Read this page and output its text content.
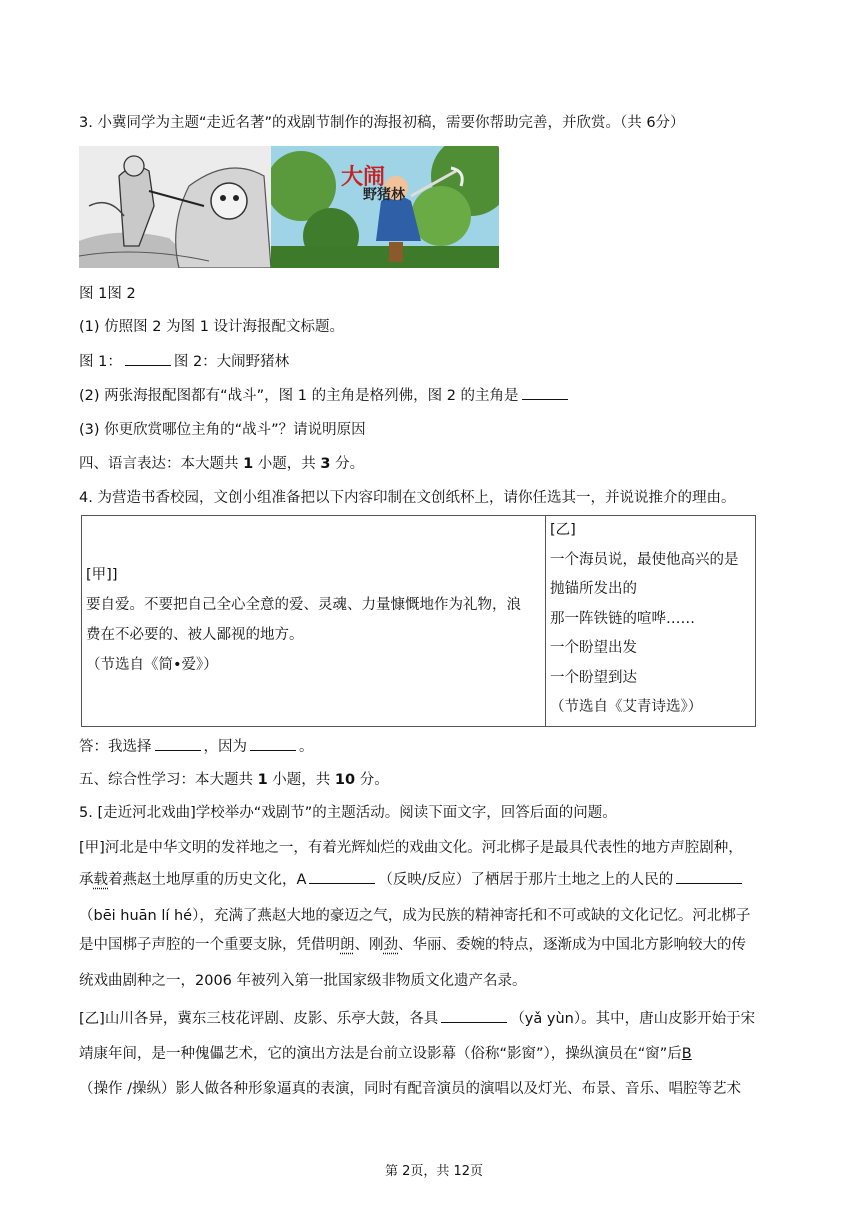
3. 小冀同学为主题“走近名著”的戏剧节制作的海报初稿，需要你帮助完善，并欣赏。（共 6分）
大闹
野猪林
图 1图 2
(1) 仿照图 2 为图 1 设计海报配文标题。
图 1：	图 2：大闹野猪林
(2) 两张海报配图都有“战斗”，图 1 的主角是格列佛，图 2 的主角是
(3) 你更欣赏哪位主角的“战斗”？请说明原因
四、语言表达：本大题共 1 小题，共 3 分。
4. 为营造书香校园，文创小组准备把以下内容印制在文创纸杯上，请你任选其一，并说说推介的理由。
[甲]]
要自爱。不要把自己全心全意的爱、灵魂、力量慷慨地作为礼物，浪
费在不必要的、被人鄙视的地方。
（节选自《简•爱》）

[乙]
一个海员说，最使他高兴的是
抛锚所发出的
那一阵铁链的喧哗……
一个盼望出发
一个盼望到达
（节选自《艾青诗选》）
答：我选择	，因为	。
五、综合性学习：本大题共 1 小题，共 10 分。
5. [走近河北戏曲]学校举办“戏剧节”的主题活动。阅读下面文字，回答后面的问题。
[甲]河北是中华文明的发祥地之一，有着光辉灿烂的戏曲文化。河北梆子是最具代表性的地方声腔剧种，
承载着燕赵土地厚重的历史文化，A	（反映/反应）了栖居于那片土地之上的人民的
（bēi huān lí hé），充满了燕赵大地的豪迈之气，成为民族的精神寄托和不可或缺的文化记忆。河北梆子
是中国梆子声腔的一个重要支脉，凭借明朗、刚劲、华丽、委婉的特点，逐渐成为中国北方影响较大的传
统戏曲剧种之一，2006 年被列入第一批国家级非物质文化遗产名录。
[乙]山川各异，冀东三枝花评剧、皮影、乐亭大鼓，各具	（yǎ yùn）。其中，唐山皮影开始于宋
靖康年间，是一种傀儡艺术，它的演出方法是台前立设影幕（俗称“影窗”），操纵演员在“窗”后B
（操作 /操纵）影人做各种形象逼真的表演，同时有配音演员的演唱以及灯光、布景、音乐、唱腔等艺术
第 2页，共 12页
